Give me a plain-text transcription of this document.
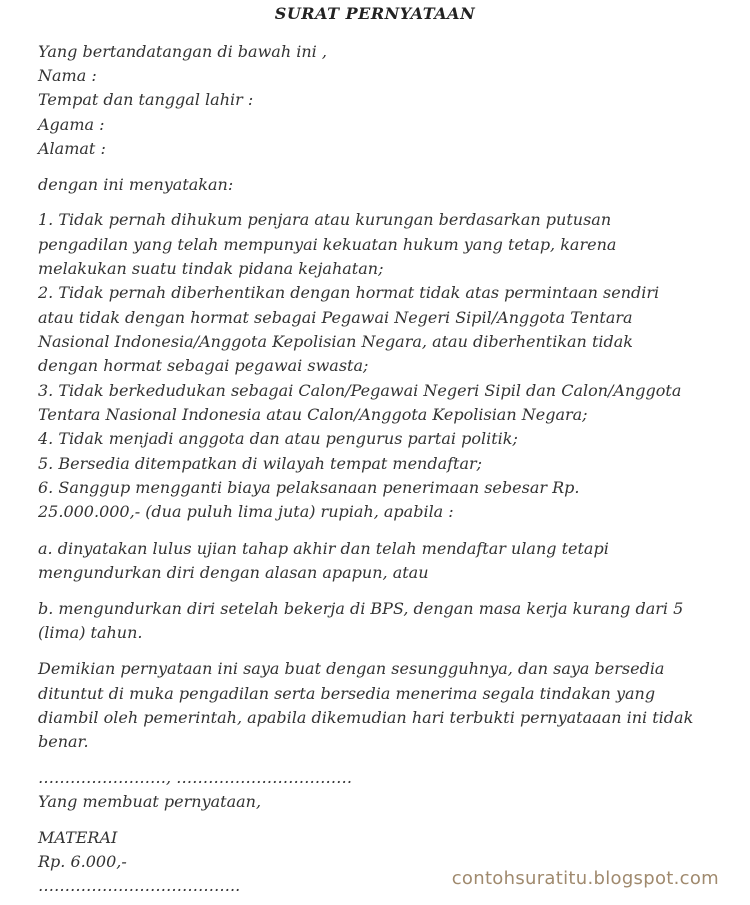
SURAT PERNYATAAN

Yang bertandatangan di bawah ini ,

Nama :

Tempat dan tanggal lahir :

Agama :

Alamat :

dengan ini menyatakan:

1. Tidak pernah dihukum penjara atau kurungan berdasarkan putusan

pengadilan yang telah mempunyai kekuatan hukum yang tetap, karena

melakukan suatu tindak pidana kejahatan;

2. Tidak pernah diberhentikan dengan hormat tidak atas permintaan sendiri

atau tidak dengan hormat sebagai Pegawai Negeri Sipil/Anggota Tentara

Nasional Indonesia/Anggota Kepolisian Negara, atau diberhentikan tidak

dengan hormat sebagai pegawai swasta;

3. Tidak berkedudukan sebagai Calon/Pegawai Negeri Sipil dan Calon/Anggota

Tentara Nasional Indonesia atau Calon/Anggota Kepolisian Negara;

4. Tidak menjadi anggota dan atau pengurus partai politik;

5. Bersedia ditempatkan di wilayah tempat mendaftar;

6. Sanggup mengganti biaya pelaksanaan penerimaan sebesar Rp.

25.000.000,- (dua puluh lima juta) rupiah, apabila :

a. dinyatakan lulus ujian tahap akhir dan telah mendaftar ulang tetapi

mengundurkan diri dengan alasan apapun, atau

b. mengundurkan diri setelah bekerja di BPS, dengan masa kerja kurang dari 5

(lima) tahun.

Demikian pernyataan ini saya buat dengan sesungguhnya, dan saya bersedia

dituntut di muka pengadilan serta bersedia menerima segala tindakan yang

diambil oleh pemerintah, apabila dikemudian hari terbukti pernyataaan ini tidak

benar.

……………………, ……………………………

Yang membuat pernyataan,

MATERAI

Rp. 6.000,-

………………………………..	contohsuratitu.blogspot.com
